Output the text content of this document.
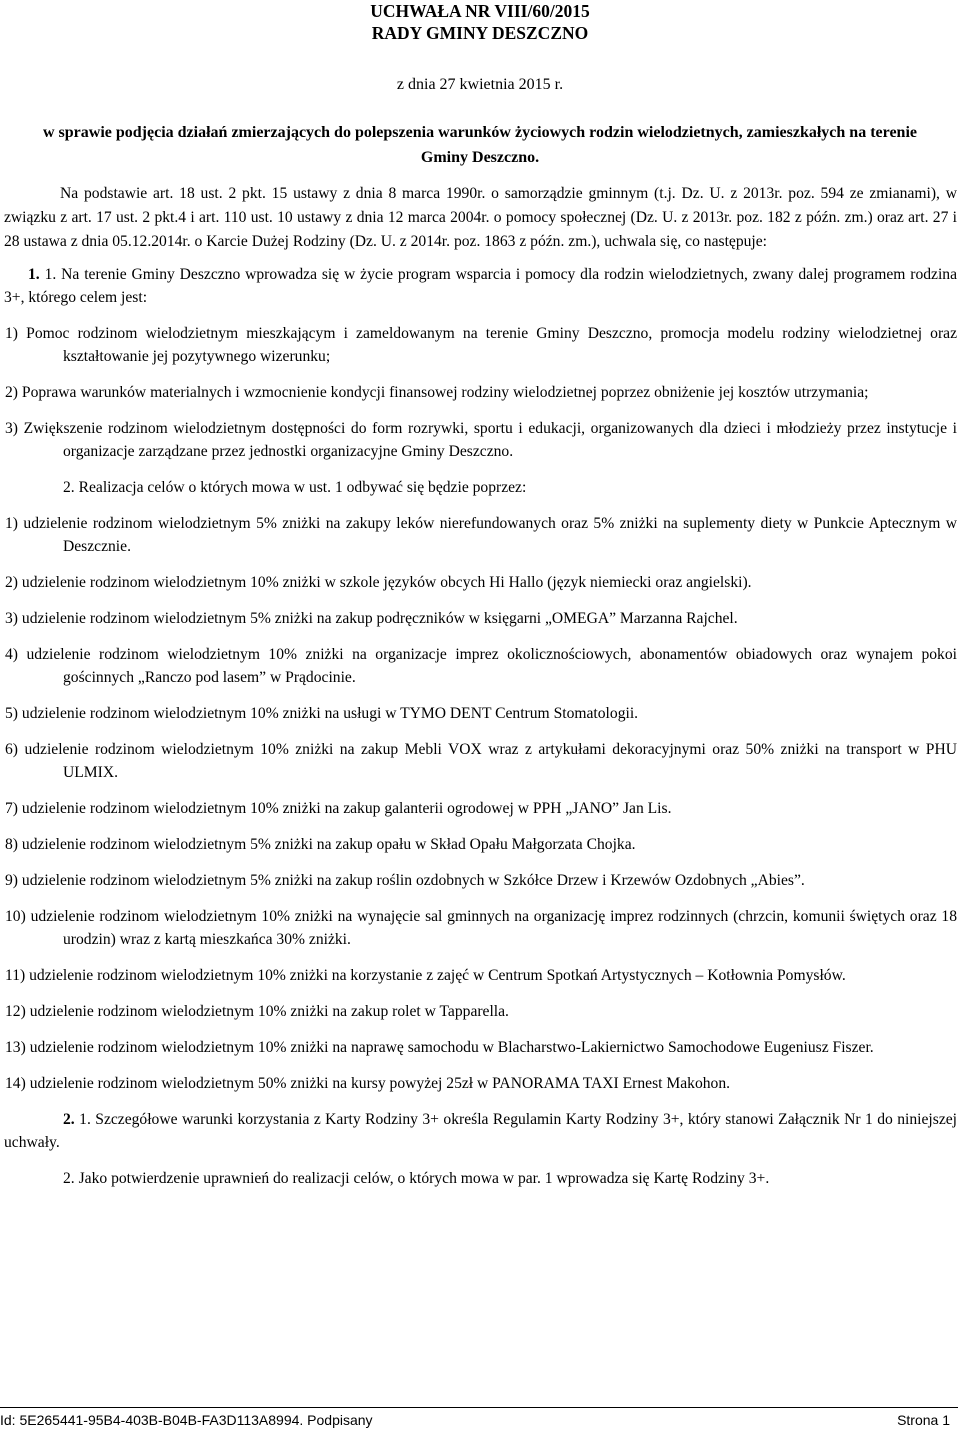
UCHWAŁA NR VIII/60/2015
RADY GMINY DESZCZNO
z dnia 27 kwietnia 2015 r.
w sprawie podjęcia działań zmierzających do polepszenia warunków życiowych rodzin wielodzietnych, zamieszkałych na terenie Gminy Deszczno.

Na podstawie art. 18 ust. 2 pkt. 15 ustawy z dnia 8 marca 1990r. o samorządzie gminnym (t.j. Dz. U. z 2013r. poz. 594 ze zmianami), w związku z art. 17 ust. 2 pkt.4 i art. 110 ust. 10 ustawy z dnia 12 marca 2004r. o pomocy społecznej (Dz. U. z 2013r. poz. 182 z późn. zm.) oraz art. 27 i 28 ustawa z dnia 05.12.2014r. o Karcie Dużej Rodziny (Dz. U. z 2014r. poz. 1863 z późn. zm.), uchwala się, co następuje:

1. 1. Na terenie Gminy Deszczno wprowadza się w życie program wsparcia i pomocy dla rodzin wielodzietnych, zwany dalej programem rodzina 3+, którego celem jest:

1) Pomoc rodzinom wielodzietnym mieszkającym i zameldowanym na terenie Gminy Deszczno, promocja modelu rodziny wielodzietnej oraz kształtowanie jej pozytywnego wizerunku;

2) Poprawa warunków materialnych i wzmocnienie kondycji finansowej rodziny wielodzietnej poprzez obniżenie jej kosztów utrzymania;

3) Zwiększenie rodzinom wielodzietnym dostępności do form rozrywki, sportu i edukacji, organizowanych dla dzieci i młodzieży przez instytucje i organizacje zarządzane przez jednostki organizacyjne Gminy Deszczno.

2. Realizacja celów o których mowa w ust. 1 odbywać się będzie poprzez:

1) udzielenie rodzinom wielodzietnym 5% zniżki na zakupy leków nierefundowanych oraz 5% zniżki na suplementy diety w Punkcie Aptecznym w Deszcznie.

2) udzielenie rodzinom wielodzietnym 10% zniżki w szkole języków obcych Hi Hallo (język niemiecki oraz angielski).

3) udzielenie rodzinom wielodzietnym 5% zniżki na zakup podręczników w księgarni „OMEGA” Marzanna Rajchel.

4) udzielenie rodzinom wielodzietnym 10% zniżki na organizacje imprez okolicznościowych, abonamentów obiadowych oraz wynajem pokoi gościnnych „Ranczo pod lasem” w Prądocinie.

5) udzielenie rodzinom wielodzietnym 10% zniżki na usługi w TYMO DENT Centrum Stomatologii.

6) udzielenie rodzinom wielodzietnym 10% zniżki na zakup Mebli VOX wraz z artykułami dekoracyjnymi oraz 50% zniżki na transport w PHU ULMIX.

7) udzielenie rodzinom wielodzietnym 10% zniżki na zakup galanterii ogrodowej w PPH „JANO” Jan Lis.

8) udzielenie rodzinom wielodzietnym 5% zniżki na zakup opału w Skład Opału Małgorzata Chojka.

9) udzielenie rodzinom wielodzietnym 5% zniżki na zakup roślin ozdobnych w Szkółce Drzew i Krzewów Ozdobnych „Abies”.

10) udzielenie rodzinom wielodzietnym 10% zniżki na wynajęcie sal gminnych na organizację imprez rodzinnych (chrzcin, komunii świętych oraz 18 urodzin) wraz z kartą mieszkańca 30% zniżki.

11) udzielenie rodzinom wielodzietnym 10% zniżki na korzystanie z zajęć w Centrum Spotkań Artystycznych – Kotłownia Pomysłów.

12) udzielenie rodzinom wielodzietnym 10% zniżki na zakup rolet w Tapparella.

13) udzielenie rodzinom wielodzietnym 10% zniżki na naprawę samochodu w Blacharstwo-Lakiernictwo Samochodowe Eugeniusz Fiszer.

14) udzielenie rodzinom wielodzietnym 50% zniżki na kursy powyżej 25zł w PANORAMA TAXI Ernest Makohon.

2. 1. Szczegółowe warunki korzystania z Karty Rodziny 3+ określa Regulamin Karty Rodziny 3+, który stanowi Załącznik Nr 1 do niniejszej uchwały.

2. Jako potwierdzenie uprawnień do realizacji celów, o których mowa w par. 1 wprowadza się Kartę Rodziny 3+.

Id: 5E265441-95B4-403B-B04B-FA3D113A8994. Podpisany	Strona 1
